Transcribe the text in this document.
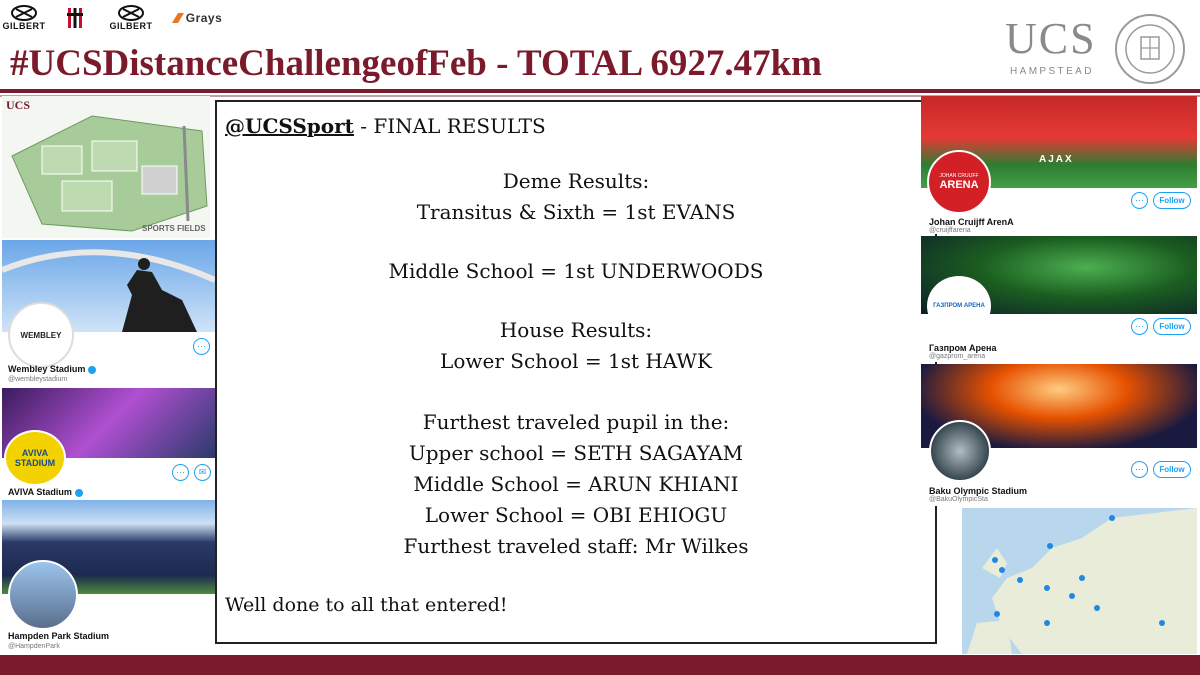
GILBERT	GILBERT
Grays
#UCSDistanceChallengeofFeb - TOTAL 6927.47km
UCS
HAMPSTEAD
UCS
SPORTS FIELDS
WEMBLEY
···
Wembley Stadium
@wembleystadium
AVIVA STADIUM
···	✉
AVIVA Stadium
Hampden Park Stadium
@HampdenPark
@UCSSport - FINAL RESULTS
Deme Results:
Transitus & Sixth = 1st EVANS
Middle School = 1st UNDERWOODS
House Results:
Lower School = 1st HAWK
Furthest traveled pupil in the:
Upper school = SETH SAGAYAM
Middle School = ARUN KHIANI
Lower School = OBI EHIOGU
Furthest traveled staff: Mr Wilkes
Well done to all that entered!
AJAX
JOHAN CRUIJFF
ARENA
···	Follow
Johan Cruijff ArenA
@cruijffarena
ГАЗПРОМ АРЕНА
···	Follow
Газпром Арена
@gazprom_arena
···	Follow
Baku Olympic Stadium
@BakuOlympicSta
